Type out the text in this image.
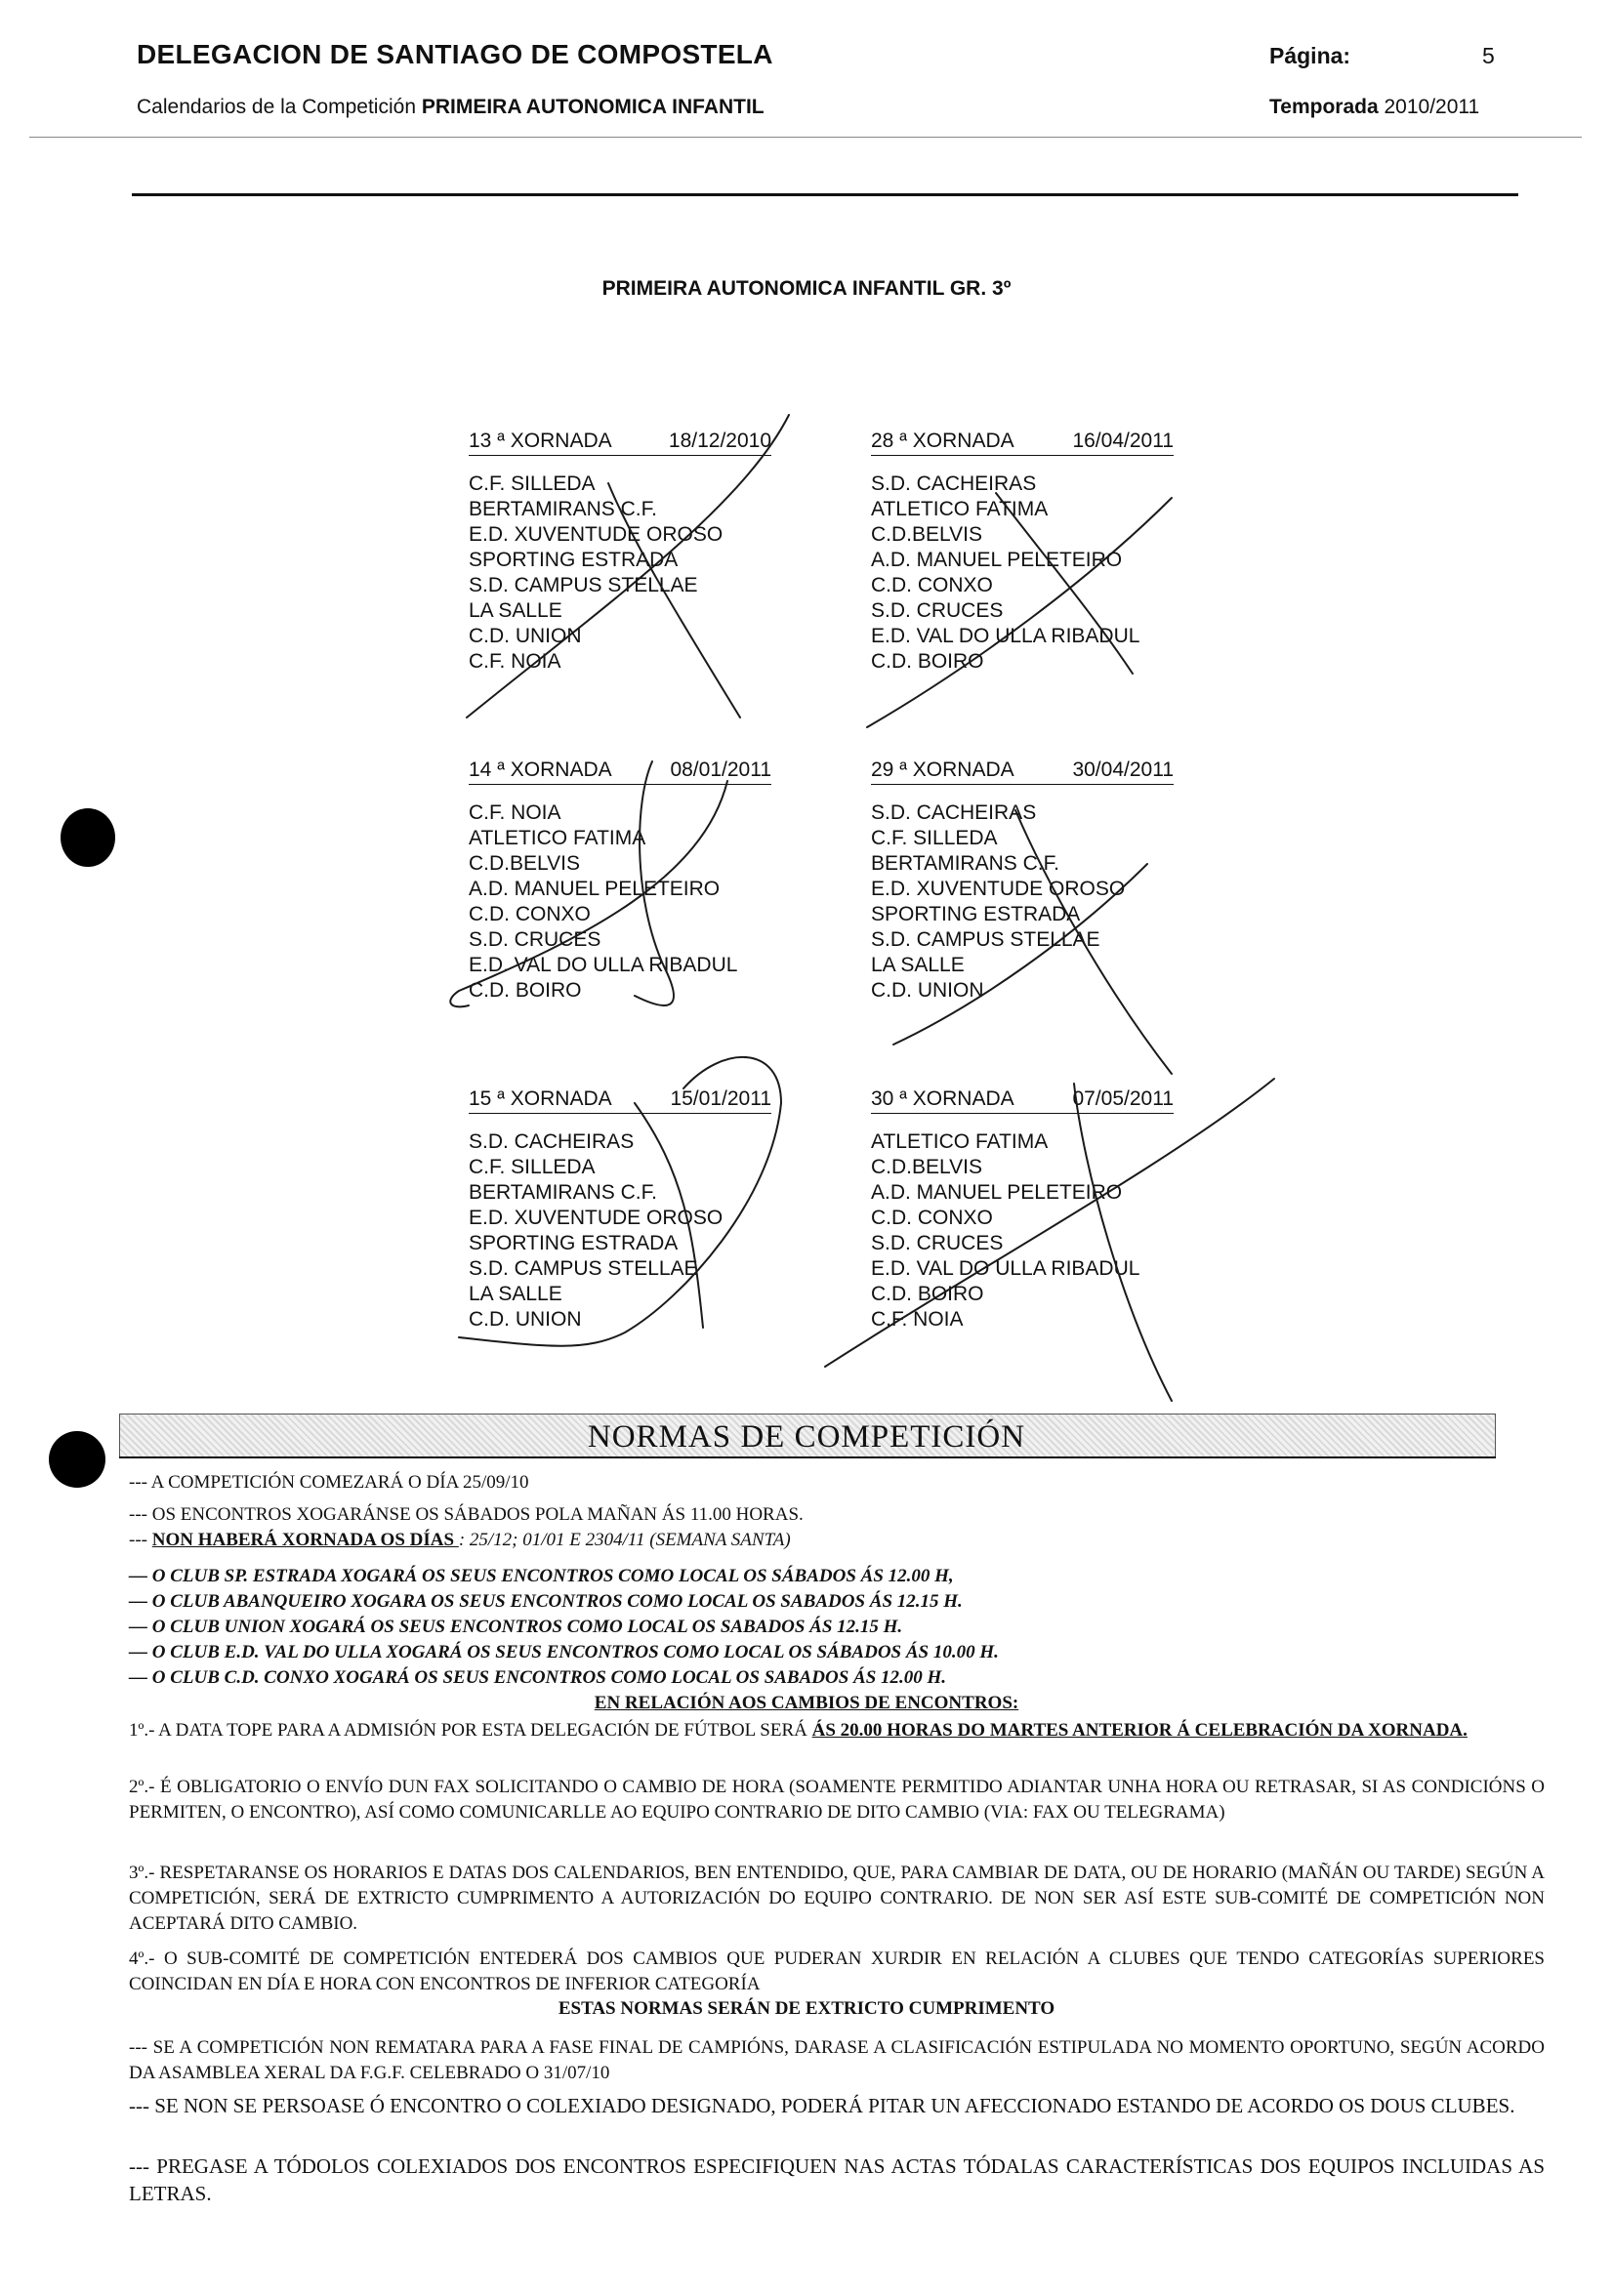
DELEGACION DE SANTIAGO DE COMPOSTELA	Página:	5
Calendarios de la Competición PRIMEIRA AUTONOMICA INFANTIL	Temporada 2010/2011
PRIMEIRA AUTONOMICA INFANTIL GR. 3º
13 ª XORNADA	18/12/2010
C.F. SILLEDA
BERTAMIRANS C.F.
E.D. XUVENTUDE OROSO
SPORTING ESTRADA
S.D. CAMPUS STELLAE
LA SALLE
C.D. UNION
C.F. NOIA
28 ª XORNADA	16/04/2011
S.D. CACHEIRAS
ATLETICO FATIMA
C.D.BELVIS
A.D. MANUEL PELETEIRO
C.D. CONXO
S.D. CRUCES
E.D. VAL DO ULLA RIBADUL
C.D. BOIRO
14 ª XORNADA	08/01/2011
C.F. NOIA
ATLETICO FATIMA
C.D.BELVIS
A.D. MANUEL PELETEIRO
C.D. CONXO
S.D. CRUCES
E.D. VAL DO ULLA RIBADUL
C.D. BOIRO
29 ª XORNADA	30/04/2011
S.D. CACHEIRAS
C.F. SILLEDA
BERTAMIRANS C.F.
E.D. XUVENTUDE OROSO
SPORTING ESTRADA
S.D. CAMPUS STELLAE
LA SALLE
C.D. UNION
15 ª XORNADA	15/01/2011
S.D. CACHEIRAS
C.F. SILLEDA
BERTAMIRANS C.F.
E.D. XUVENTUDE OROSO
SPORTING ESTRADA
S.D. CAMPUS STELLAE
LA SALLE
C.D. UNION
30 ª XORNADA	07/05/2011
ATLETICO FATIMA
C.D.BELVIS
A.D. MANUEL PELETEIRO
C.D. CONXO
S.D. CRUCES
E.D. VAL DO ULLA RIBADUL
C.D. BOIRO
C.F. NOIA
NORMAS DE COMPETICIÓN
--- A COMPETICIÓN COMEZARÁ O DÍA 25/09/10
--- OS ENCONTROS XOGARÁNSE OS SÁBADOS POLA MAÑAN ÁS 11.00 HORAS.
--- NON HABERÁ XORNADA OS DÍAS : 25/12; 01/01 E 2304/11 (SEMANA SANTA)
— O CLUB SP. ESTRADA XOGARÁ OS SEUS ENCONTROS COMO LOCAL OS SÁBADOS ÁS 12.00 H,
— O CLUB ABANQUEIRO XOGARA OS SEUS ENCONTROS COMO LOCAL OS SABADOS ÁS 12.15 H.
— O CLUB UNION XOGARÁ OS SEUS ENCONTROS COMO LOCAL OS SABADOS ÁS 12.15 H.
— O CLUB E.D. VAL DO ULLA XOGARÁ OS SEUS ENCONTROS COMO LOCAL OS SÁBADOS ÁS 10.00 H.
— O CLUB C.D. CONXO XOGARÁ OS SEUS ENCONTROS COMO LOCAL OS SABADOS ÁS 12.00 H.
EN RELACIÓN AOS CAMBIOS DE ENCONTROS:
1º.- A DATA TOPE PARA A ADMISIÓN POR ESTA DELEGACIÓN DE FÚTBOL SERÁ ÁS 20.00 HORAS DO MARTES ANTERIOR Á CELEBRACIÓN DA XORNADA.
2º.- É OBLIGATORIO O ENVÍO DUN FAX SOLICITANDO O CAMBIO DE HORA (SOAMENTE PERMITIDO ADIANTAR UNHA HORA OU RETRASAR, SI AS CONDICIÓNS O PERMITEN, O ENCONTRO), ASÍ COMO COMUNICARLLE AO EQUIPO CONTRARIO DE DITO CAMBIO (VIA: FAX OU TELEGRAMA)
3º.- RESPETARANSE OS HORARIOS E DATAS DOS CALENDARIOS, BEN ENTENDIDO, QUE, PARA CAMBIAR DE DATA, OU DE HORARIO (MAÑÁN OU TARDE) SEGÚN A COMPETICIÓN, SERÁ DE EXTRICTO CUMPRIMENTO A AUTORIZACIÓN DO EQUIPO CONTRARIO. DE NON SER ASÍ ESTE SUB-COMITÉ DE COMPETICIÓN NON ACEPTARÁ DITO CAMBIO.
4º.- O SUB-COMITÉ DE COMPETICIÓN ENTEDERÁ DOS CAMBIOS QUE PUDERAN XURDIR EN RELACIÓN A CLUBES QUE TENDO CATEGORÍAS SUPERIORES COINCIDAN EN DÍA E HORA CON ENCONTROS DE INFERIOR CATEGORÍA
ESTAS NORMAS SERÁN DE EXTRICTO CUMPRIMENTO
--- SE A COMPETICIÓN NON REMATARA PARA A FASE FINAL DE CAMPIÓNS, DARASE A CLASIFICACIÓN ESTIPULADA NO MOMENTO OPORTUNO, SEGÚN ACORDO DA ASAMBLEA XERAL DA F.G.F. CELEBRADO O 31/07/10
--- SE NON SE PERSOASE Ó ENCONTRO O COLEXIADO DESIGNADO, PODERÁ PITAR UN AFECCIONADO ESTANDO DE ACORDO OS DOUS CLUBES.
--- PREGASE A TÓDOLOS COLEXIADOS DOS ENCONTROS ESPECIFIQUEN NAS ACTAS TÓDALAS CARACTERÍSTICAS DOS EQUIPOS INCLUIDAS AS LETRAS.
